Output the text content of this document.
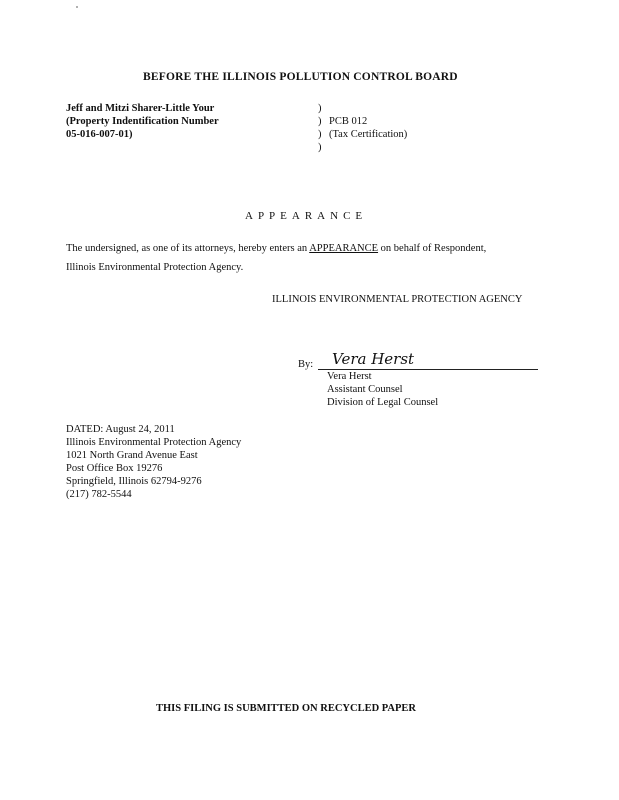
BEFORE THE ILLINOIS POLLUTION CONTROL BOARD
Jeff and Mitzi Sharer-Little Your
(Property Indentification Number
05-016-007-01)
)
)
)
)
PCB 012
(Tax Certification)
APPEARANCE
The undersigned, as one of its attorneys, hereby enters an APPEARANCE on behalf of Respondent,
Illinois Environmental Protection Agency.
ILLINOIS ENVIRONMENTAL PROTECTION AGENCY
By: Vera Herst
Vera Herst
Assistant Counsel
Division of Legal Counsel
DATED: August 24, 2011
Illinois Environmental Protection Agency
1021 North Grand Avenue East
Post Office Box 19276
Springfield, Illinois 62794-9276
(217) 782-5544
THIS FILING IS SUBMITTED ON RECYCLED PAPER
